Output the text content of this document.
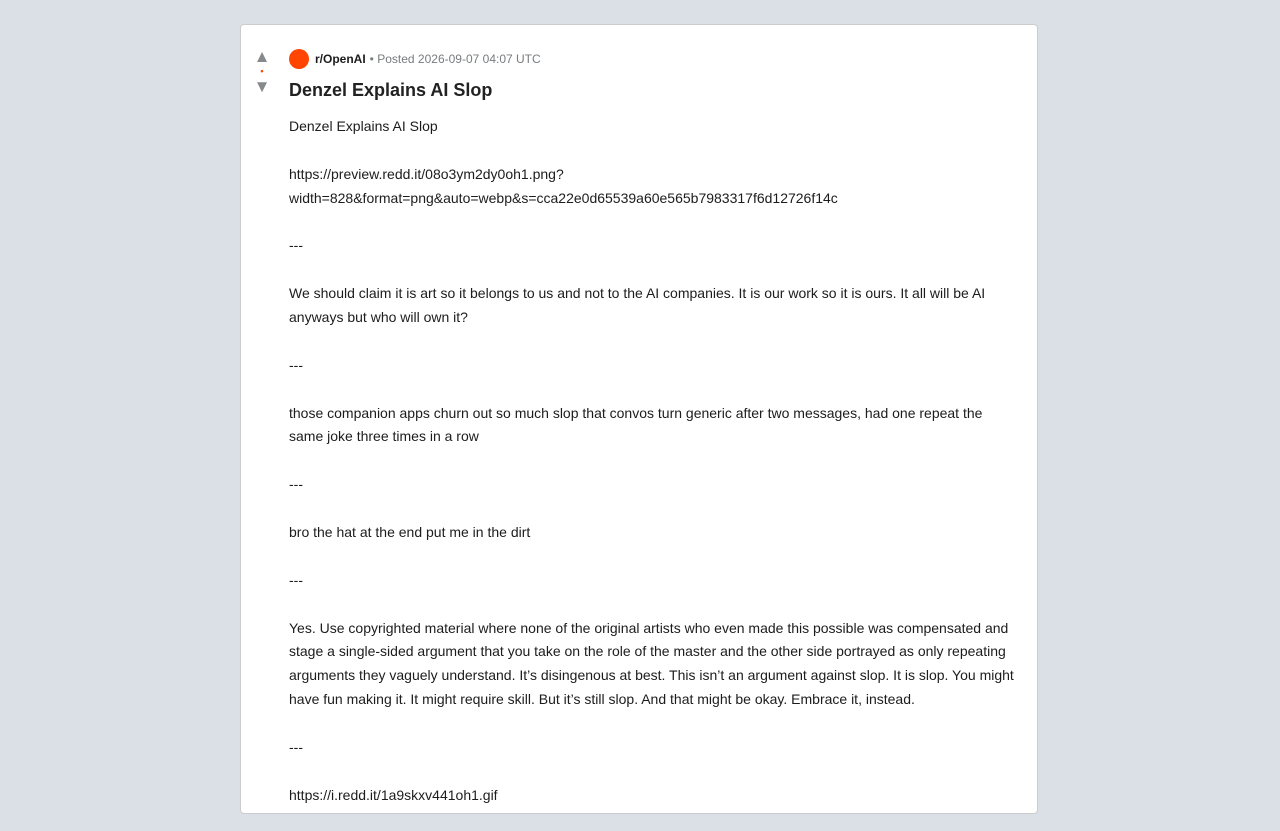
▲
•
▼
r/OpenAI • Posted
2026-09-07 04:07 UTC
Denzel Explains AI Slop

Denzel Explains AI Slop

https://preview.redd.it/08o3ym2dy0oh1.png?
width=828&format=png&auto=webp&s=cca22e0d65539a60e565b7983317f6d12726f14c

---

We should claim it is art so it belongs to us and not to the AI companies. It is our work so it is ours. It all will be AI anyways but who will own it?

---

those companion apps churn out so much slop that convos turn generic after two messages, had one repeat the same joke three times in a row

---

bro the hat at the end put me in the dirt

---

Yes. Use copyrighted material where none of the original artists who even made this possible was compensated and stage a single-sided argument that you take on the role of the master and the other side portrayed as only repeating arguments they vaguely understand. It’s disingenous at best. This isn’t an argument against slop. It is slop. You might have fun making it. It might require skill. But it’s still slop. And that might be okay. Embrace it, instead.

---

https://i.redd.it/1a9skxv441oh1.gif
